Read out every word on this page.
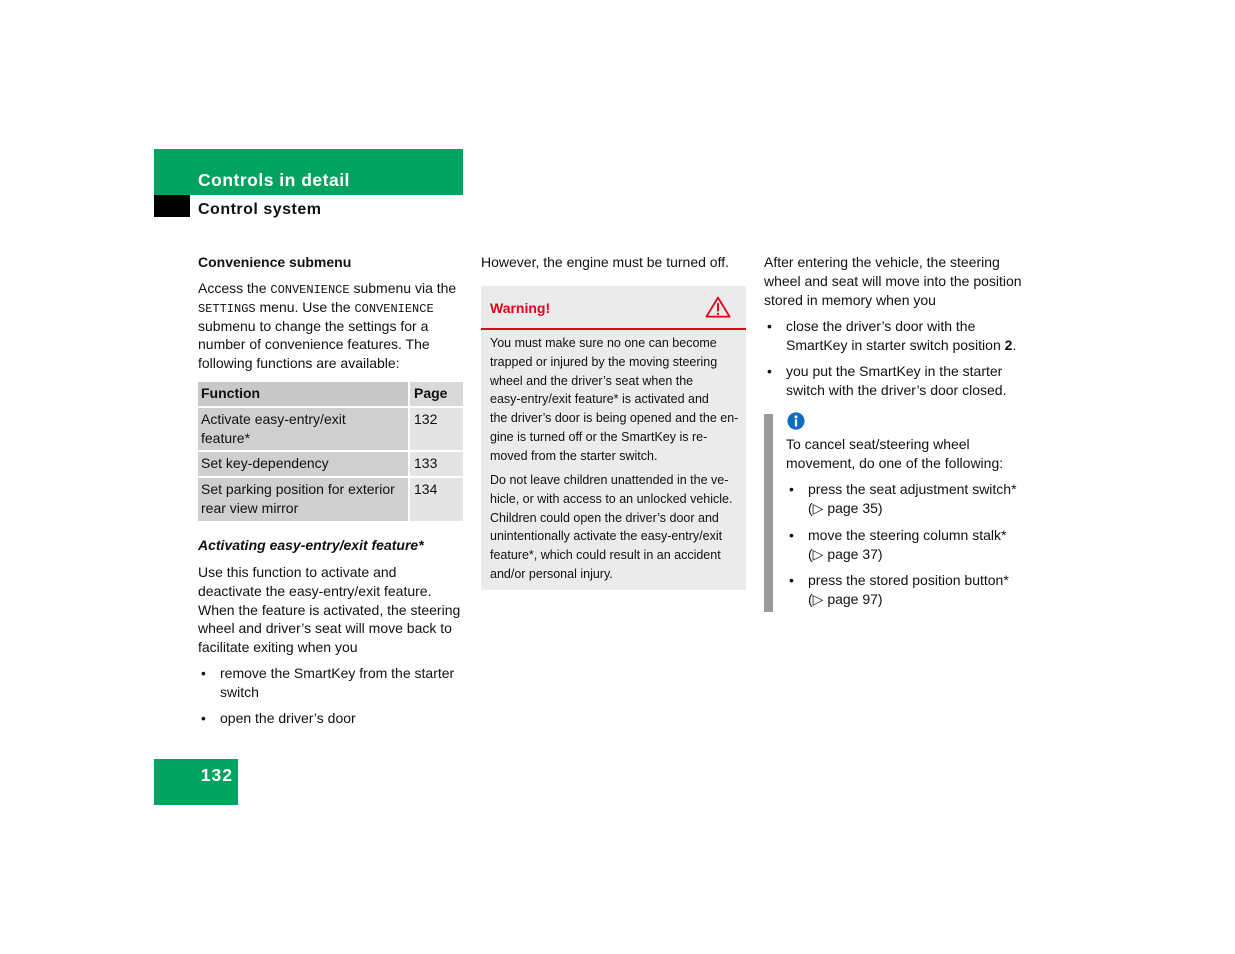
Controls in detail
Control system
Convenience submenu
Access the CONVENIENCE submenu via the
SETTINGS menu. Use the CONVENIENCE
submenu to change the settings for a
number of convenience features. The
following functions are available:
Function	Page
Activate easy-entry/exit
feature*
132
Set key-dependency	133
Set parking position for exterior
rear view mirror
134
Activating easy-entry/exit feature*
Use this function to activate and
deactivate the easy-entry/exit feature.
When the feature is activated, the steering
wheel and driver’s seat will move back to
facilitate exiting when you
• remove the SmartKey from the starter
switch
• open the driver’s door
However, the engine must be turned off.
Warning!
You must make sure no one can become
trapped or injured by the moving steering
wheel and the driver’s seat when the
easy-entry/exit feature* is activated and
the driver’s door is being opened and the en-
gine is turned off or the SmartKey is re-
moved from the starter switch.
Do not leave children unattended in the ve-
hicle, or with access to an unlocked vehicle.
Children could open the driver’s door and
unintentionally activate the easy-entry/exit
feature*, which could result in an accident
and/or personal injury.
After entering the vehicle, the steering
wheel and seat will move into the position
stored in memory when you
• close the driver’s door with the
SmartKey in starter switch position 2.
• you put the SmartKey in the starter
switch with the driver’s door closed.
To cancel seat/steering wheel
movement, do one of the following:
• press the seat adjustment switch*
(▷ page 35)
• move the steering column stalk*
(▷ page 37)
• press the stored position button*
(▷ page 97)
132
